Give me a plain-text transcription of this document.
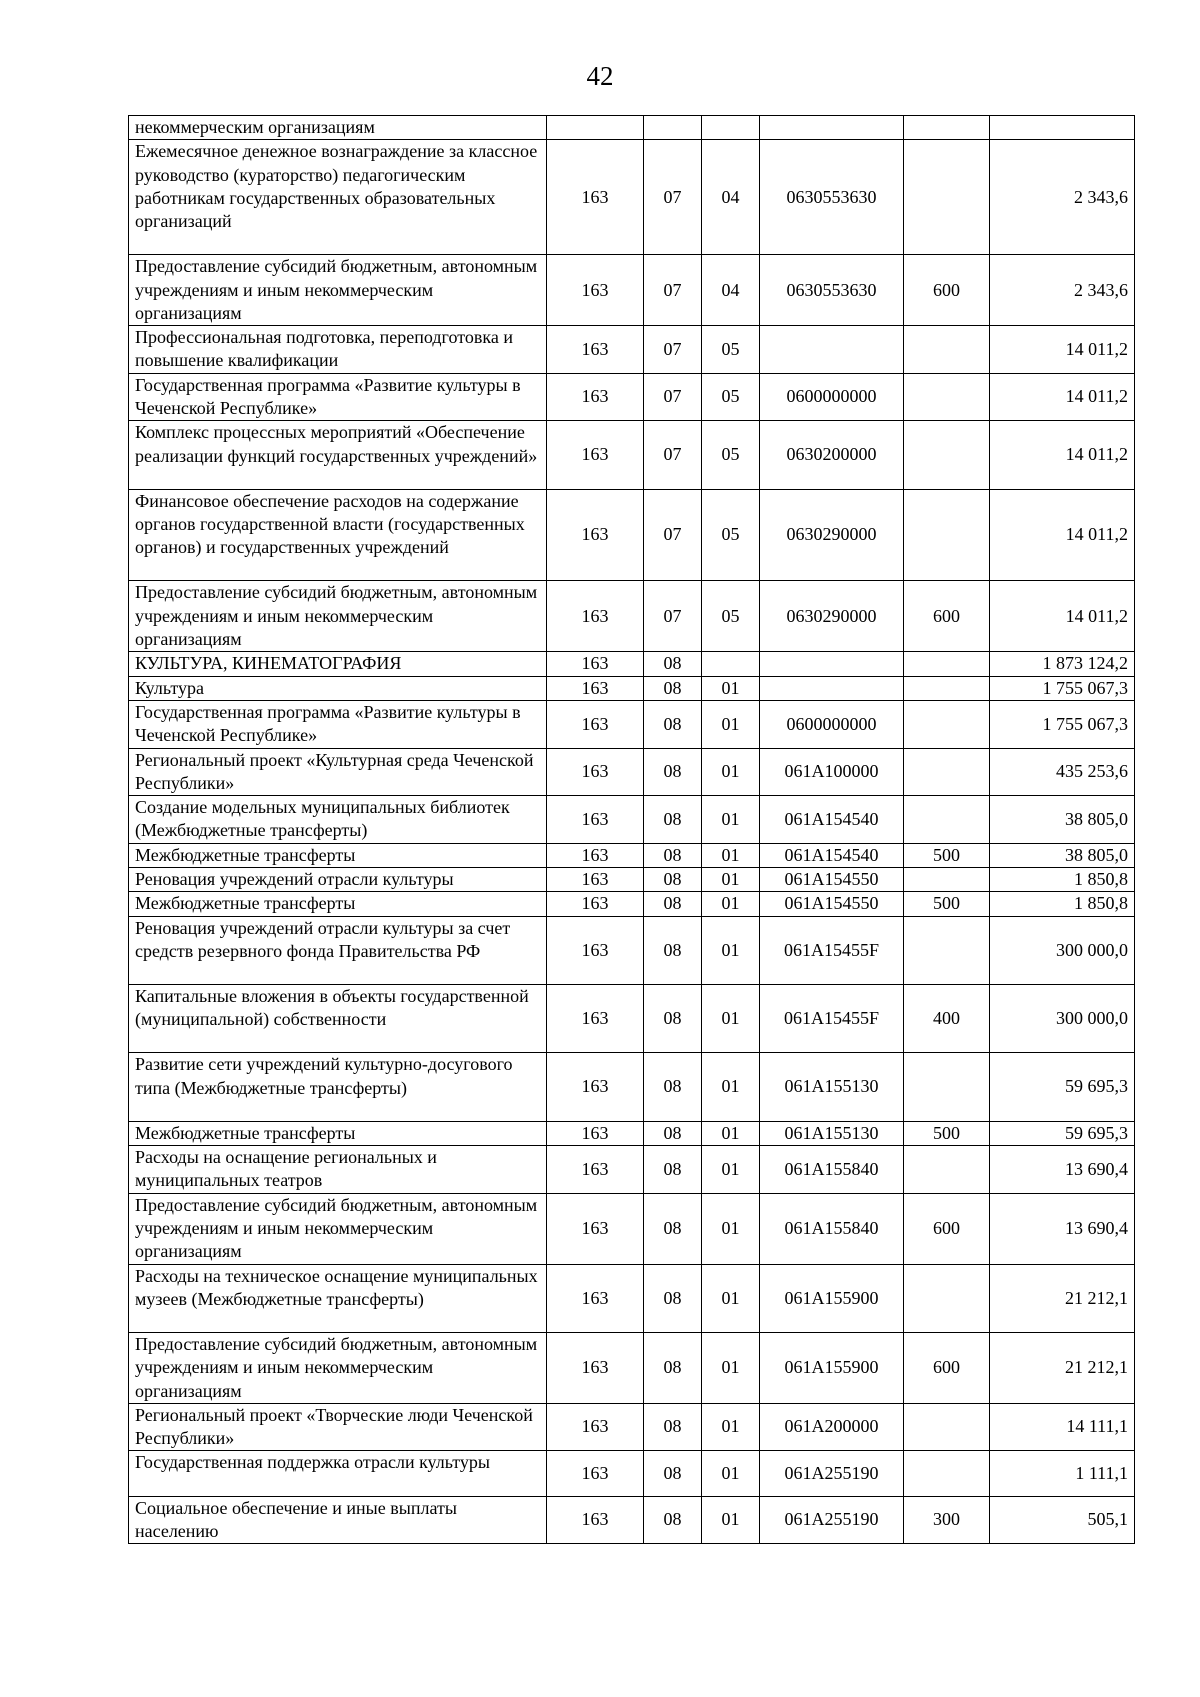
42
некоммерческим организациям						
Ежемесячное денежное вознаграждение за классное руководство (кураторство) педагогическим работникам государственных образовательных организаций	163	07	04	0630553630		2 343,6
Предоставление субсидий бюджетным, автономным учреждениям и иным некоммерческим организациям	163	07	04	0630553630	600	2 343,6
Профессиональная подготовка, переподготовка и повышение квалификации	163	07	05			14 011,2
Государственная программа «Развитие культуры в Чеченской Республике»	163	07	05	0600000000		14 011,2
Комплекс процессных мероприятий «Обеспечение реализации функций государственных учреждений»	163	07	05	0630200000		14 011,2
Финансовое обеспечение расходов на содержание органов государственной власти (государственных органов) и государственных учреждений	163	07	05	0630290000		14 011,2
Предоставление субсидий бюджетным, автономным учреждениям и иным некоммерческим организациям	163	07	05	0630290000	600	14 011,2
КУЛЬТУРА, КИНЕМАТОГРАФИЯ	163	08				1 873 124,2
Культура	163	08	01			1 755 067,3
Государственная программа «Развитие культуры в Чеченской Республике»	163	08	01	0600000000		1 755 067,3
Региональный проект «Культурная среда Чеченской Республики»	163	08	01	061A100000		435 253,6
Создание модельных муниципальных библиотек (Межбюджетные трансферты)	163	08	01	061A154540		38 805,0
Межбюджетные трансферты	163	08	01	061A154540	500	38 805,0
Реновация учреждений отрасли культуры	163	08	01	061A154550		1 850,8
Межбюджетные трансферты	163	08	01	061A154550	500	1 850,8
Реновация учреждений отрасли культуры за счет средств резервного фонда Правительства РФ	163	08	01	061A15455F		300 000,0
Капитальные вложения в объекты государственной (муниципальной) собственности	163	08	01	061A15455F	400	300 000,0
Развитие сети учреждений культурно-досугового типа (Межбюджетные трансферты)	163	08	01	061A155130		59 695,3
Межбюджетные трансферты	163	08	01	061A155130	500	59 695,3
Расходы на оснащение региональных и муниципальных театров	163	08	01	061A155840		13 690,4
Предоставление субсидий бюджетным, автономным учреждениям и иным некоммерческим организациям	163	08	01	061A155840	600	13 690,4
Расходы на техническое оснащение муниципальных музеев (Межбюджетные трансферты)	163	08	01	061A155900		21 212,1
Предоставление субсидий бюджетным, автономным учреждениям и иным некоммерческим организациям	163	08	01	061A155900	600	21 212,1
Региональный проект «Творческие люди Чеченской Республики»	163	08	01	061A200000		14 111,1
Государственная поддержка отрасли культуры	163	08	01	061A255190		1 111,1
Социальное обеспечение и иные выплаты населению	163	08	01	061A255190	300	505,1
